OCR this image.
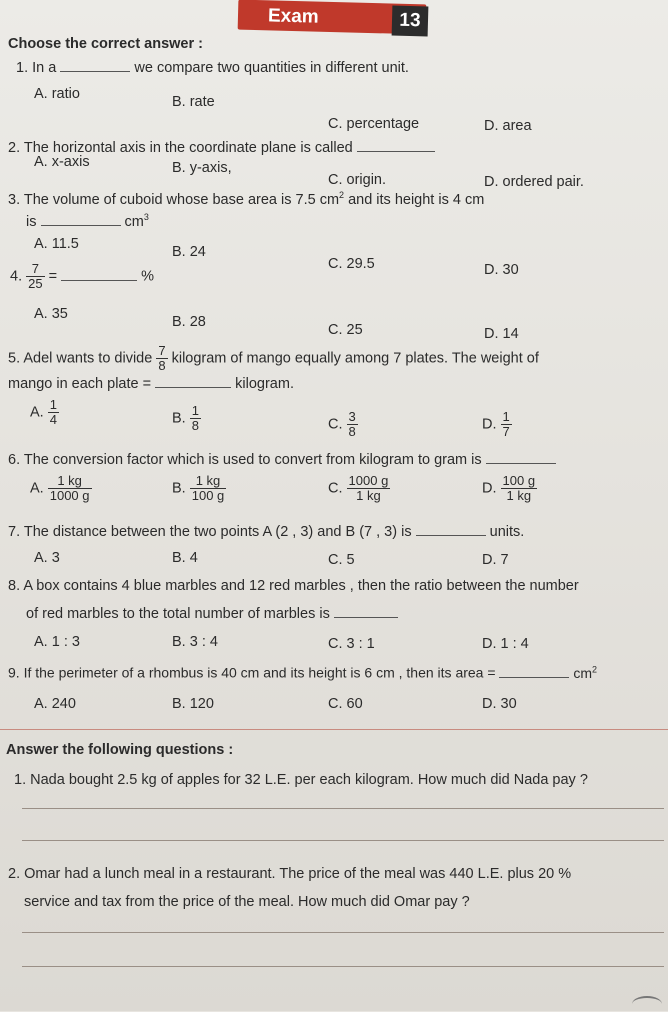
Exam	13
Choose the correct answer :
1. In a	we compare two quantities in different unit.
A. ratio	B. rate
C. percentage	D. area
2. The horizontal axis in the coordinate plane is called
A. x-axis	B. y-axis,
C. origin.	D. ordered pair.
3. The volume of cuboid whose base area is 7.5 $cm^2$ and its height is 4 cm
is	$cm^3$
A. 11.5	B. 24
C. 29.5	D. 30
4. $\frac{7}{25}$ =	%
A. 35	B. 28	C. 25	D. 14
5. Adel wants to divide $\frac{7}{8}$ kilogram of mango equally among 7 plates. The weight of
mango in each plate =	kilogram.
A. $\frac{1}{4}$	B. $\frac{1}{8}$	C. $\frac{3}{8}$	D. $\frac{1}{7}$
6. The conversion factor which is used to convert from kilogram to gram is
A. $\frac{1 kg}{1000 g}$	B. $\frac{1 kg}{100 g}$	C. $\frac{1000 g}{1 kg}$	D. $\frac{100 g}{1 kg}$
7. The distance between the two points A (2 , 3) and B (7 , 3) is	units.
A. 3	B. 4	C. 5	D. 7
8. A box contains 4 blue marbles and 12 red marbles , then the ratio between the number
of red marbles to the total number of marbles is
A. 1 : 3	B. 3 : 4	C. 3 : 1	D. 1 : 4
9. If the perimeter of a rhombus is 40 cm and its height is 6 cm , then its area =	$cm^2$
A. 240	B. 120	C. 60	D. 30
Answer the following questions :
1. Nada bought 2.5 kg of apples for 32 L.E. per each kilogram. How much did Nada pay ?
2. Omar had a lunch meal in a restaurant. The price of the meal was 440 L.E. plus 20 %
service and tax from the price of the meal. How much did Omar pay ?
